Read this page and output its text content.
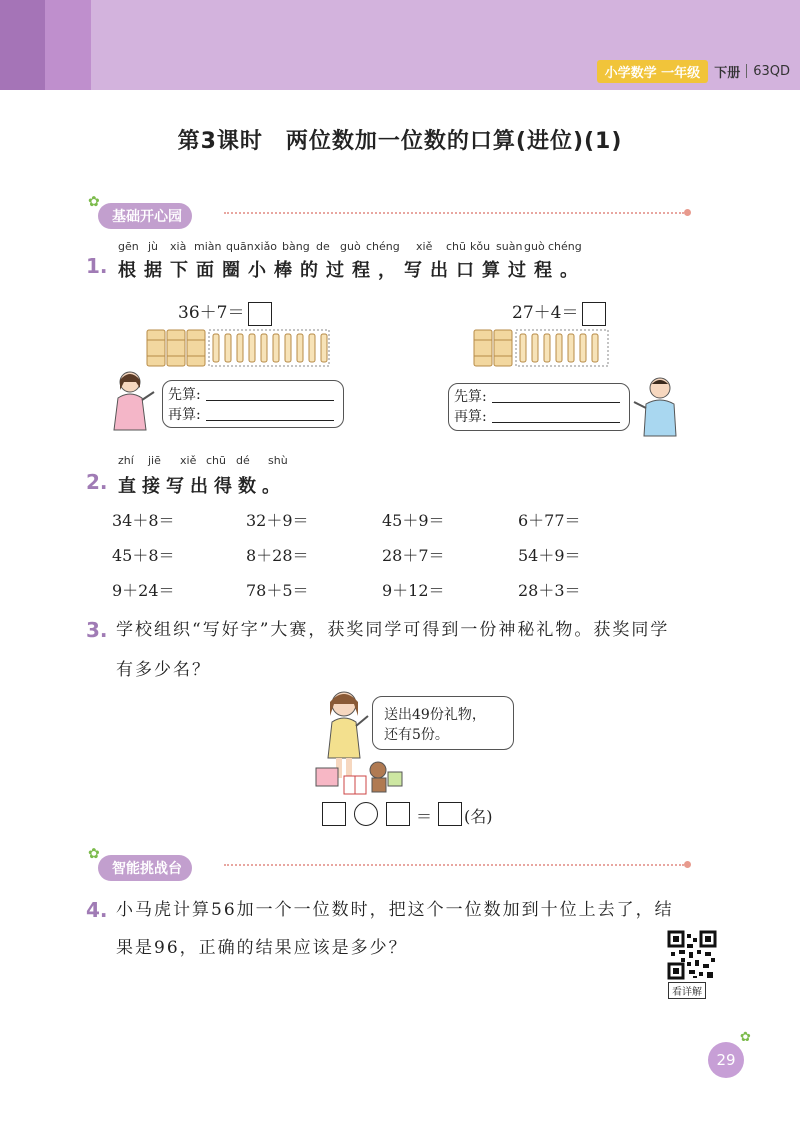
小学数学 一年级	下册 63QD
第3课时　两位数加一位数的口算(进位)(1)
✿
基础开心园
1.
gēn jù xià miàn quān xiǎo bàng de guò chéng xiě chū kǒu suàn guò chéng
根据下面圈小棒的过程，写出口算过程。
36＋7＝	27＋4＝
先算:
再算:
先算:
再算:
zhí jiē xiě chū dé shù
2. 直接写出得数。
34＋8＝	32＋9＝	45＋9＝	6＋77＝
45＋8＝	8＋28＝	28＋7＝	54＋9＝
9＋24＝	78＋5＝	9＋12＝	28＋3＝
3. 学校组织“写好字”大赛，获奖同学可得到一份神秘礼物。获奖同学
有多少名？
送出49份礼物，
还有5份。
＝ (名)
✿
智能挑战台
4. 小马虎计算56加一个一位数时，把这个一位数加到十位上去了，结
果是96，正确的结果应该是多少？
看详解
✿
29
